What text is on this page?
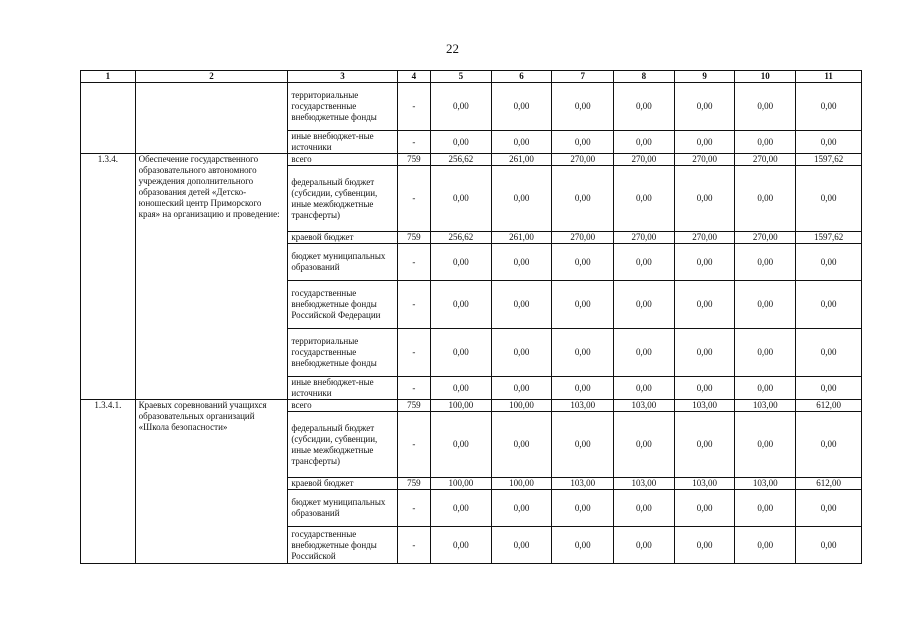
22
1	2	3	4	5	6	7	8	9	10	11
		территориальные государственные внебюджетные фонды	-	0,00	0,00	0,00	0,00	0,00	0,00	0,00
		иные внебюджет-ные источники	-	0,00	0,00	0,00	0,00	0,00	0,00	0,00
1.3.4.	Обеспечение государственного образовательного автономного учреждения дополнительного образования детей «Детско-юношеский центр Приморского края» на организацию и проведение:	всего	759	256,62	261,00	270,00	270,00	270,00	270,00	1597,62
		федеральный бюджет (субсидии, субвенции, иные межбюджетные трансферты)	-	0,00	0,00	0,00	0,00	0,00	0,00	0,00
		краевой бюджет	759	256,62	261,00	270,00	270,00	270,00	270,00	1597,62
		бюджет муниципальных образований	-	0,00	0,00	0,00	0,00	0,00	0,00	0,00
		государственные внебюджетные фонды Российской Федерации	-	0,00	0,00	0,00	0,00	0,00	0,00	0,00
		территориальные государственные внебюджетные фонды	-	0,00	0,00	0,00	0,00	0,00	0,00	0,00
		иные внебюджет-ные источники	-	0,00	0,00	0,00	0,00	0,00	0,00	0,00
1.3.4.1.	Краевых соревнований учащихся образовательных организаций «Школа безопасности»	всего	759	100,00	100,00	103,00	103,00	103,00	103,00	612,00
		федеральный бюджет (субсидии, субвенции, иные межбюджетные трансферты)	-	0,00	0,00	0,00	0,00	0,00	0,00	0,00
		краевой бюджет	759	100,00	100,00	103,00	103,00	103,00	103,00	612,00
		бюджет муниципальных образований	-	0,00	0,00	0,00	0,00	0,00	0,00	0,00
		государственные внебюджетные фонды Российской	-	0,00	0,00	0,00	0,00	0,00	0,00	0,00
